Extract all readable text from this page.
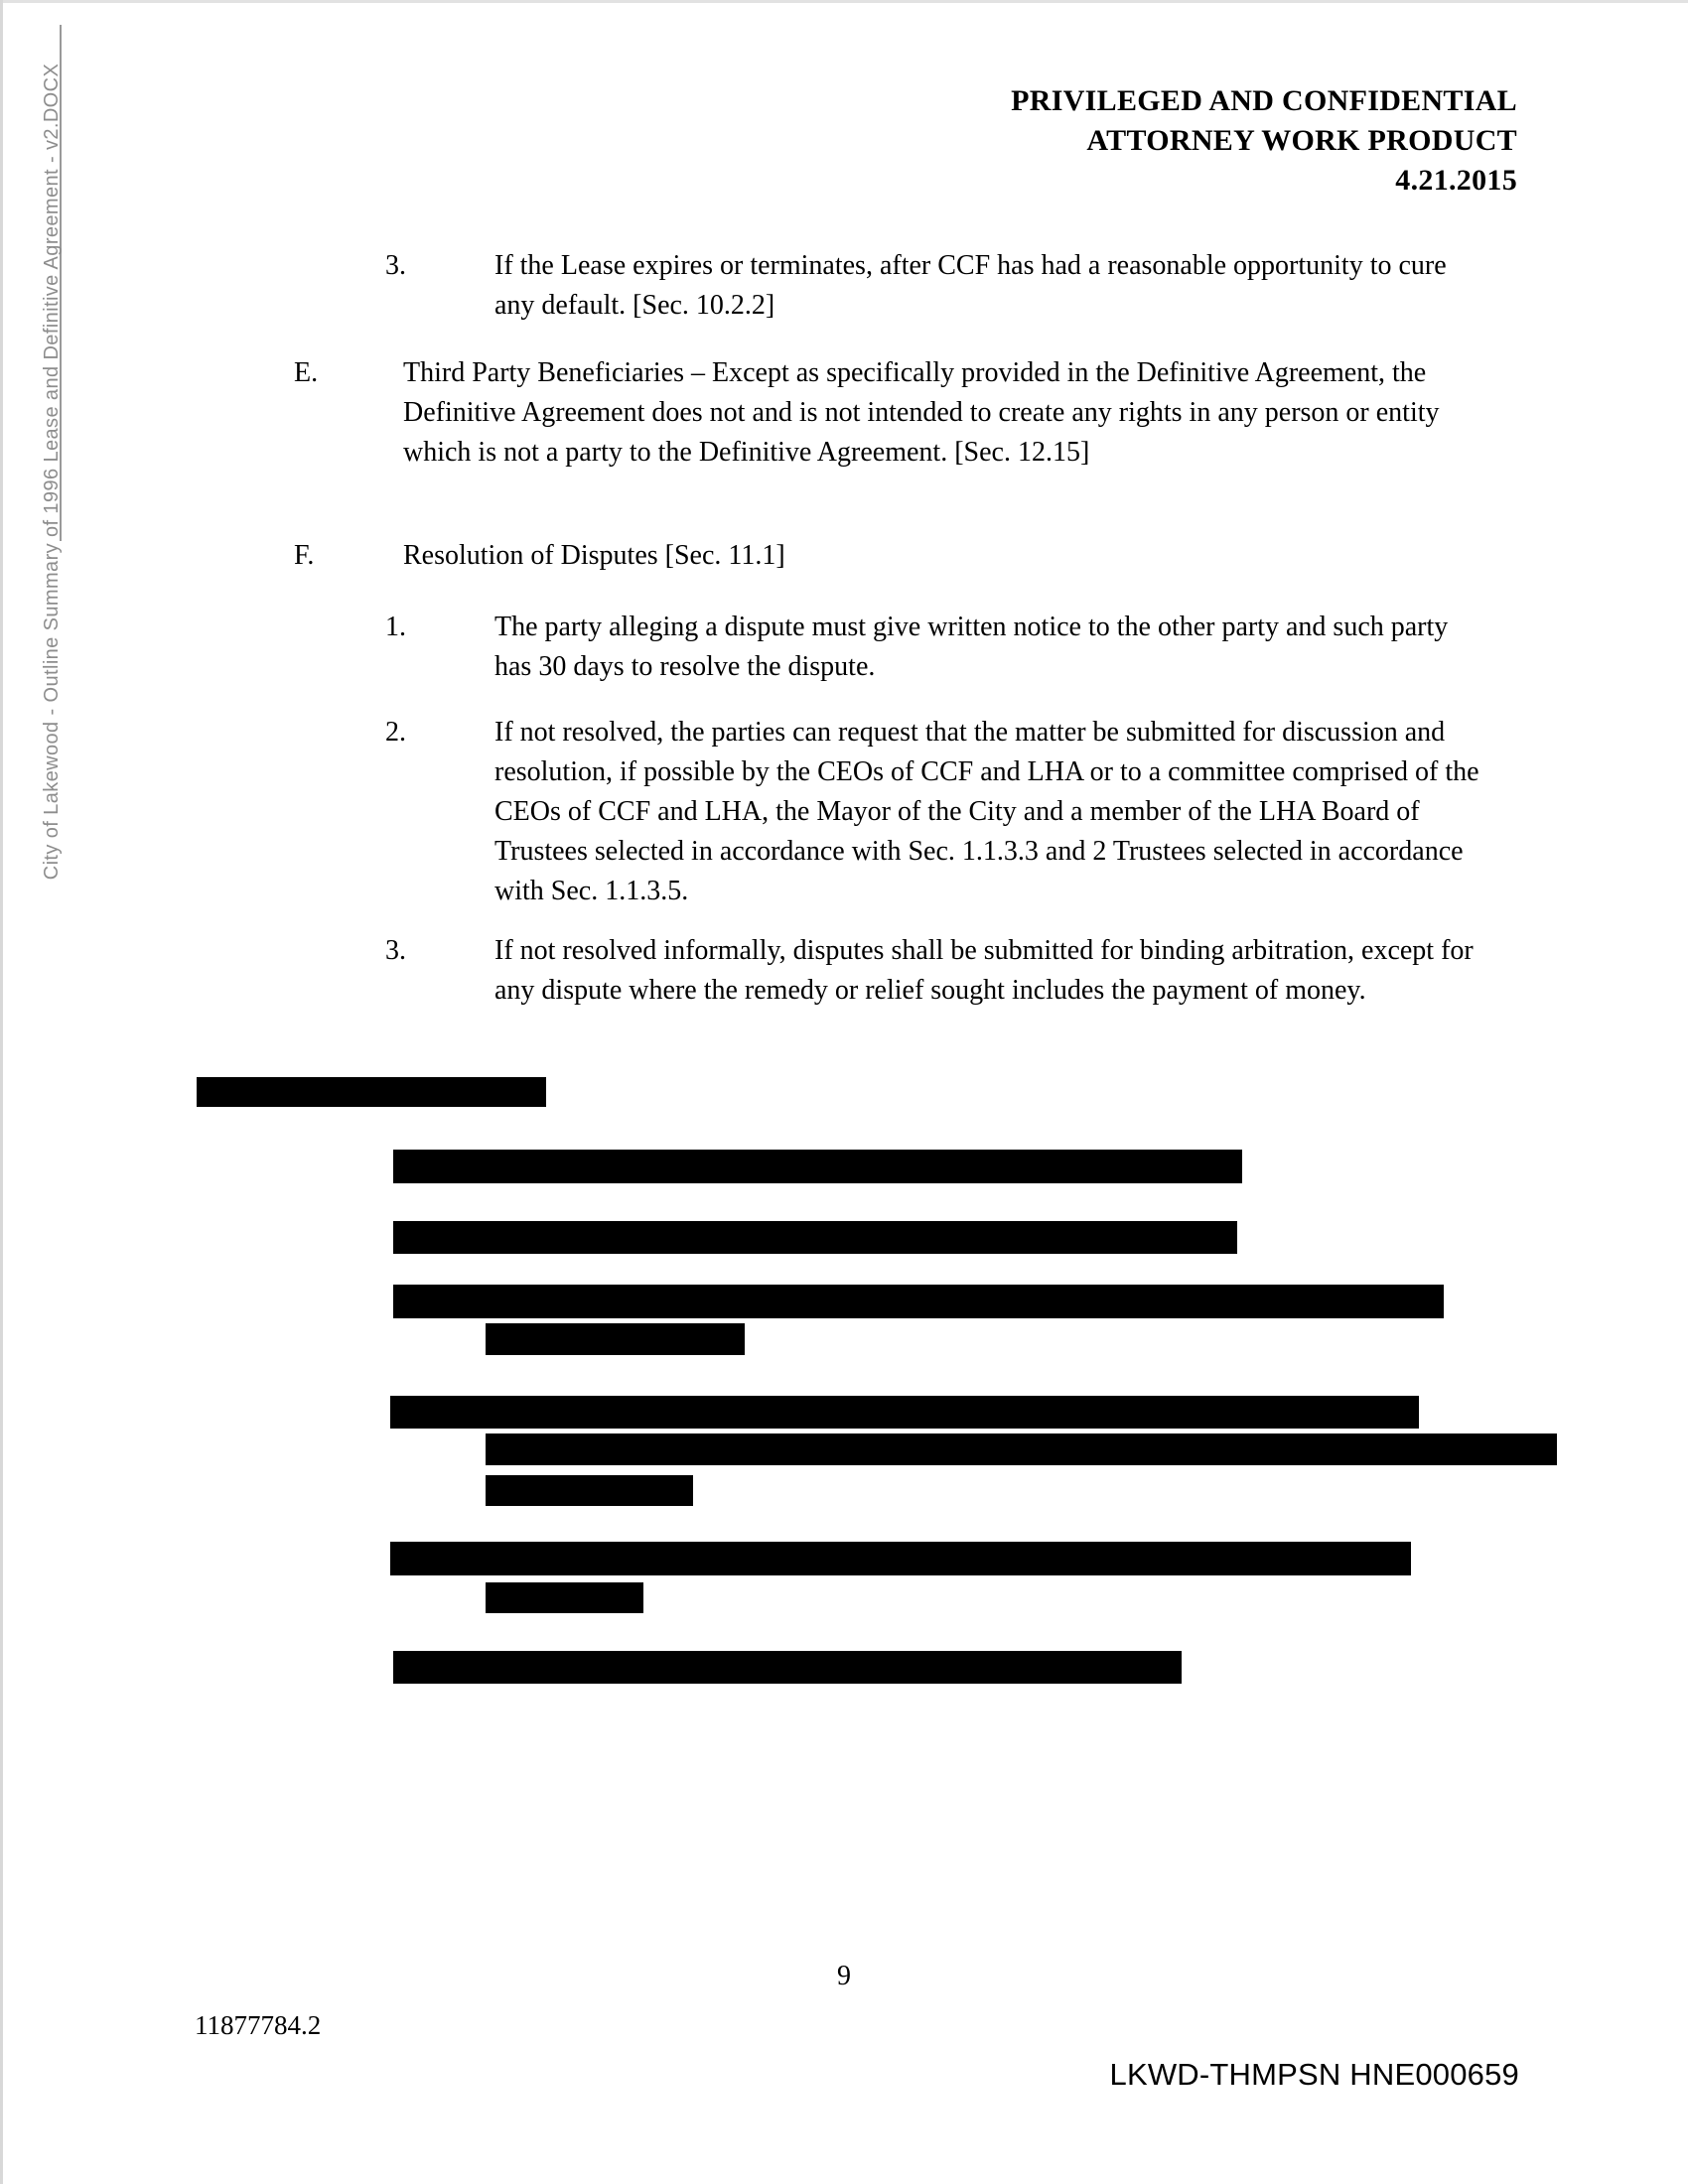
City of Lakewood - Outline Summary of 1996 Lease and Definitive Agreement - v2.DOCX	PRIVILEGED AND CONFIDENTIAL
ATTORNEY WORK PRODUCT
4.21.2015
3.	If the Lease expires or terminates, after CCF has had a reasonable opportunity to cure any default. [Sec. 10.2.2]
E.	Third Party Beneficiaries – Except as specifically provided in the Definitive Agreement, the Definitive Agreement does not and is not intended to create any rights in any person or entity which is not a party to the Definitive Agreement. [Sec. 12.15]
F.	Resolution of Disputes [Sec. 11.1]
1.	The party alleging a dispute must give written notice to the other party and such party has 30 days to resolve the dispute.
2.	If not resolved, the parties can request that the matter be submitted for discussion and resolution, if possible by the CEOs of CCF and LHA or to a committee comprised of the CEOs of CCF and LHA, the Mayor of the City and a member of the LHA Board of Trustees selected in accordance with Sec. 1.1.3.3 and 2 Trustees selected in accordance with Sec. 1.1.3.5.
3.	If not resolved informally, disputes shall be submitted for binding arbitration, except for any dispute where the remedy or relief sought includes the payment of money.
9
11877784.2
LKWD-THMPSN HNE000659
